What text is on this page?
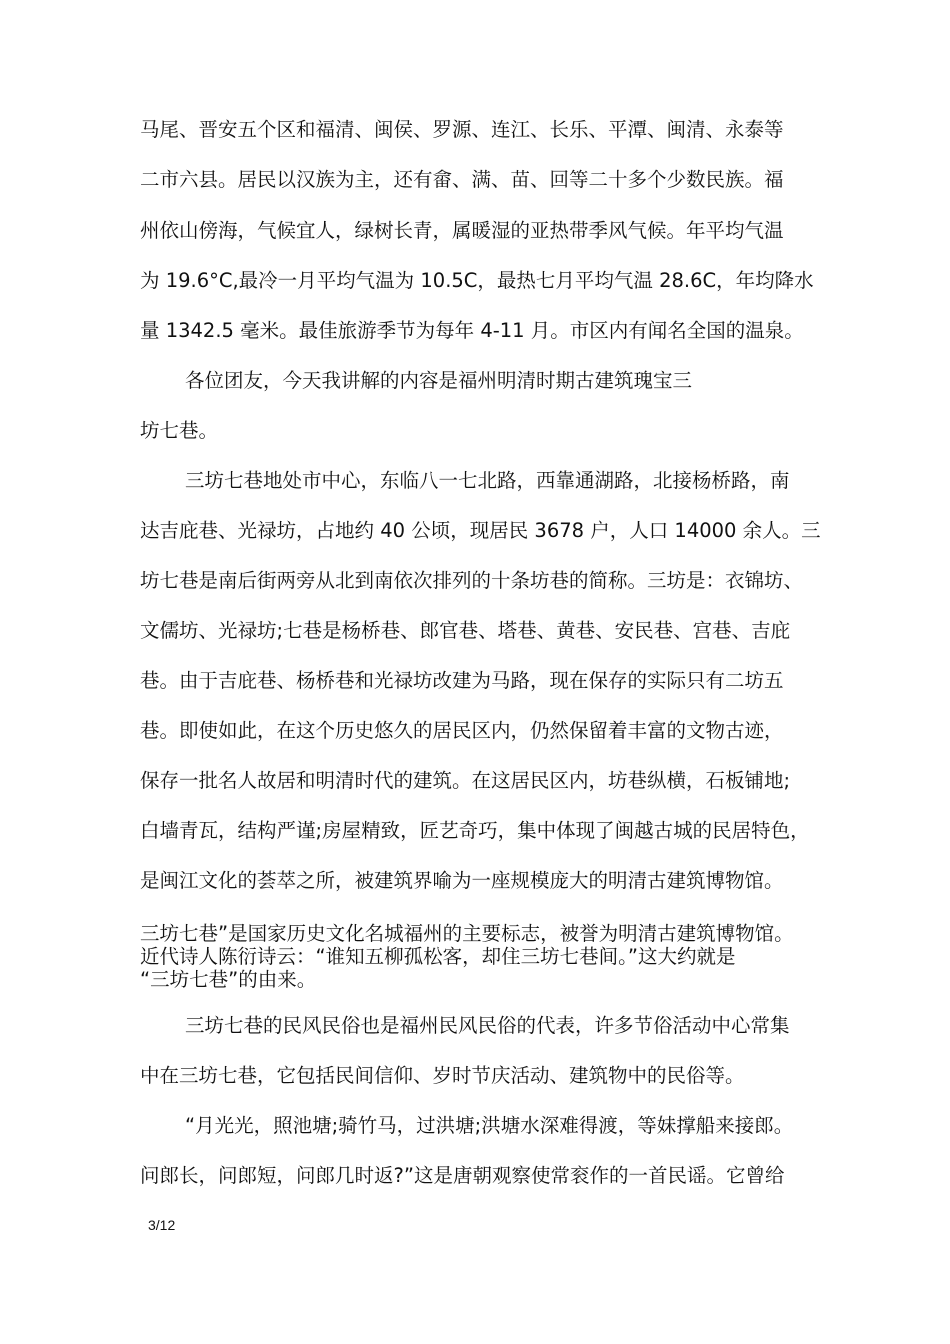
马尾、晋安五个区和福清、闽侯、罗源、连江、长乐、平潭、闽清、永泰等
二市六县。居民以汉族为主，还有畲、满、苗、回等二十多个少数民族。福
州依山傍海，气候宜人，绿树长青，属暖湿的亚热带季风气候。年平均气温
为 19.6°C,最冷一月平均气温为 10.5C，最热七月平均气温 28.6C，年均降水
量 1342.5 毫米。最佳旅游季节为每年 4-11 月。市区内有闻名全国的温泉。
各位团友，今天我讲解的内容是福州明清时期古建筑瑰宝三
坊七巷。
三坊七巷地处市中心，东临八一七北路，西靠通湖路，北接杨桥路，南
达吉庇巷、光禄坊，占地约 40 公顷，现居民 3678 户，人口 14000 余人。三
坊七巷是南后街两旁从北到南依次排列的十条坊巷的简称。三坊是：衣锦坊、
文儒坊、光禄坊;七巷是杨桥巷、郎官巷、塔巷、黄巷、安民巷、宫巷、吉庇
巷。由于吉庇巷、杨桥巷和光禄坊改建为马路，现在保存的实际只有二坊五
巷。即使如此，在这个历史悠久的居民区内，仍然保留着丰富的文物古迹，
保存一批名人故居和明清时代的建筑。在这居民区内，坊巷纵横，石板铺地;
白墙青瓦，结构严谨;房屋精致，匠艺奇巧，集中体现了闽越古城的民居特色，
是闽江文化的荟萃之所，被建筑界喻为一座规模庞大的明清古建筑博物馆。
三坊七巷”是国家历史文化名城福州的主要标志，被誉为明清古建筑博物馆。
近代诗人陈衍诗云：“谁知五柳孤松客，却住三坊七巷间。”这大约就是
“三坊七巷”的由来。
三坊七巷的民风民俗也是福州民风民俗的代表，许多节俗活动中心常集
中在三坊七巷，它包括民间信仰、岁时节庆活动、建筑物中的民俗等。
“月光光，照池塘;骑竹马，过洪塘;洪塘水深难得渡，等妹撑船来接郎。
问郎长，问郎短，问郎几时返?”这是唐朝观察使常衮作的一首民谣。它曾给
3/12
